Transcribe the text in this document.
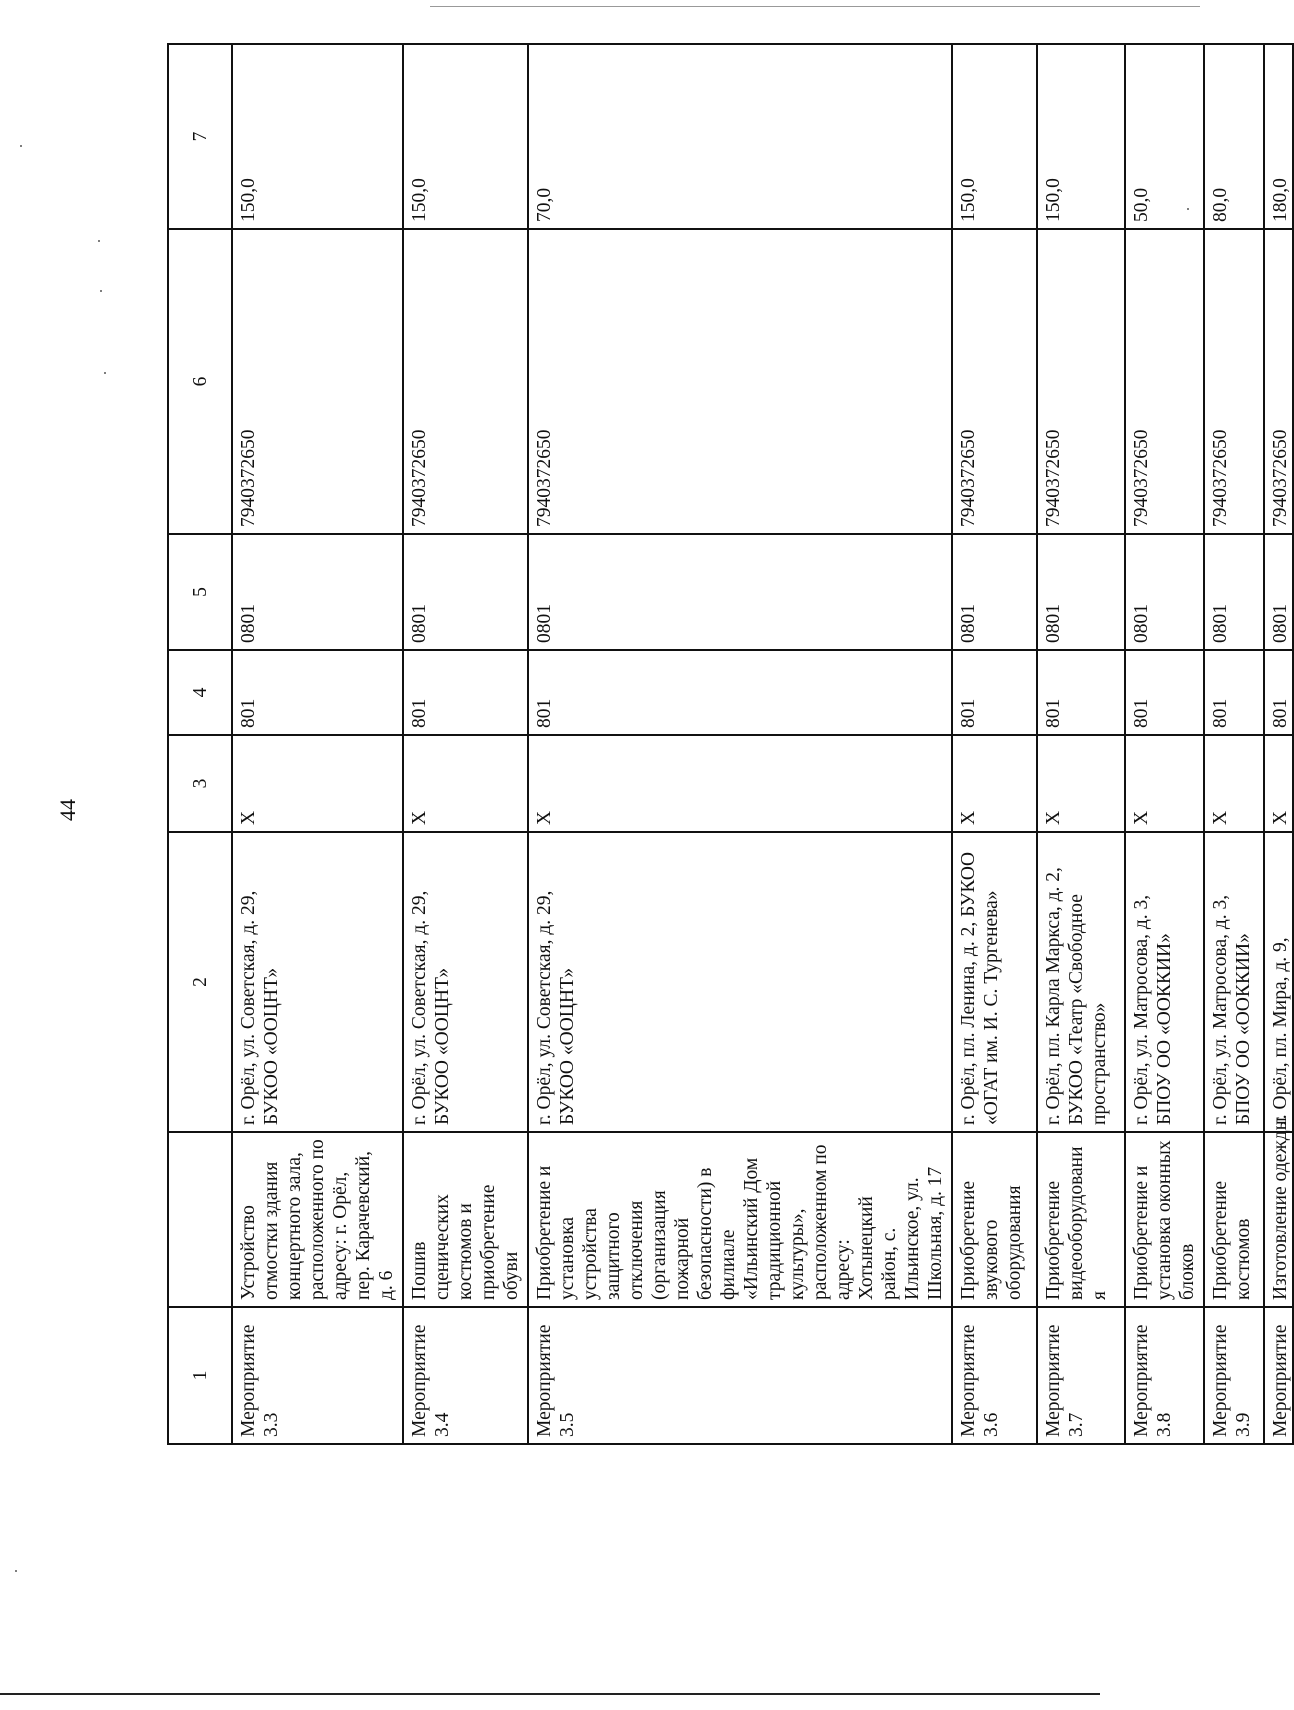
44
1		2	3	4	5	6	7
Мероприятие 3.3	Устройство отмостки здания концертного зала, расположенного по адресу: г. Орёл, пер. Карачевский, д. 6	г. Орёл, ул. Советская, д. 29, БУКОО «ООЦНТ»	X	801	0801	7940372650	150,0
Мероприятие 3.4	Пошив сценических костюмов и приобретение обуви	г. Орёл, ул. Советская, д. 29, БУКОО «ООЦНТ»	X	801	0801	7940372650	150,0
Мероприятие 3.5	Приобретение и установка устройства защитного отключения (организация пожарной безопасности) в филиале «Ильинский Дом традиционной культуры», расположенном по адресу: Хотынецкий район, с. Ильинское, ул. Школьная, д. 17	г. Орёл, ул. Советская, д. 29, БУКОО «ООЦНТ»	X	801	0801	7940372650	70,0
Мероприятие 3.6	Приобретение звукового оборудования	г. Орёл, пл. Ленина, д. 2, БУКОО «ОГАТ им. И. С. Тургенева»	X	801	0801	7940372650	150,0
Мероприятие 3.7	Приобретение видеооборудования	г. Орёл, пл. Карла Маркса, д. 2, БУКОО «Театр «Свободное пространство»	X	801	0801	7940372650	150,0
Мероприятие 3.8	Приобретение и установка оконных блоков	г. Орёл, ул. Матросова, д. 3, БПОУ ОО «ООККИИ»	X	801	0801	7940372650	50,0
Мероприятие 3.9	Приобретение костюмов	г. Орёл, ул. Матросова, д. 3, БПОУ ОО «ООККИИ»	X	801	0801	7940372650	80,0
Мероприятие	Изготовление одежды	г. Орёл, пл. Мира, д. 9,	X	801	0801	7940372650	180,0
